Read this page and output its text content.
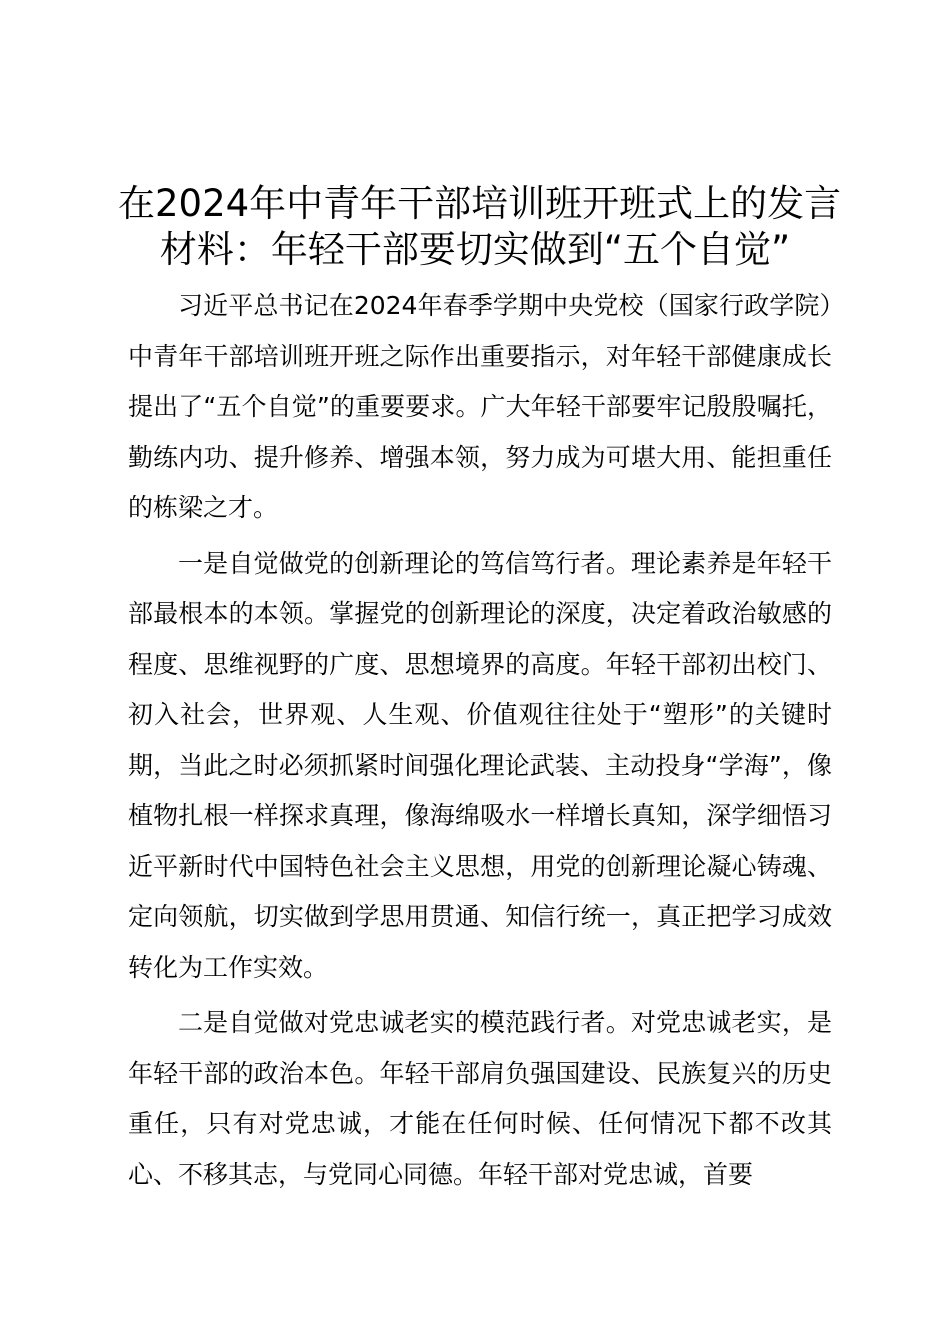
在2024年中青年干部培训班开班式上的发言
材料：年轻干部要切实做到“五个自觉”

习近平总书记在2024年春季学期中央党校（国家行政学院）中青年干部培训班开班之际作出重要指示，对年轻干部健康成长提出了“五个自觉”的重要要求。广大年轻干部要牢记殷殷嘱托，勤练内功、提升修养、增强本领，努力成为可堪大用、能担重任的栋梁之才。

一是自觉做党的创新理论的笃信笃行者。理论素养是年轻干部最根本的本领。掌握党的创新理论的深度，决定着政治敏感的程度、思维视野的广度、思想境界的高度。年轻干部初出校门、初入社会，世界观、人生观、价值观往往处于“塑形”的关键时期，当此之时必须抓紧时间强化理论武装、主动投身“学海”，像植物扎根一样探求真理，像海绵吸水一样增长真知，深学细悟习近平新时代中国特色社会主义思想，用党的创新理论凝心铸魂、定向领航，切实做到学思用贯通、知信行统一，真正把学习成效转化为工作实效。

二是自觉做对党忠诚老实的模范践行者。对党忠诚老实，是年轻干部的政治本色。年轻干部肩负强国建设、民族复兴的历史重任，只有对党忠诚，才能在任何时候、任何情况下都不改其心、不移其志，与党同心同德。年轻干部对党忠诚，首要
